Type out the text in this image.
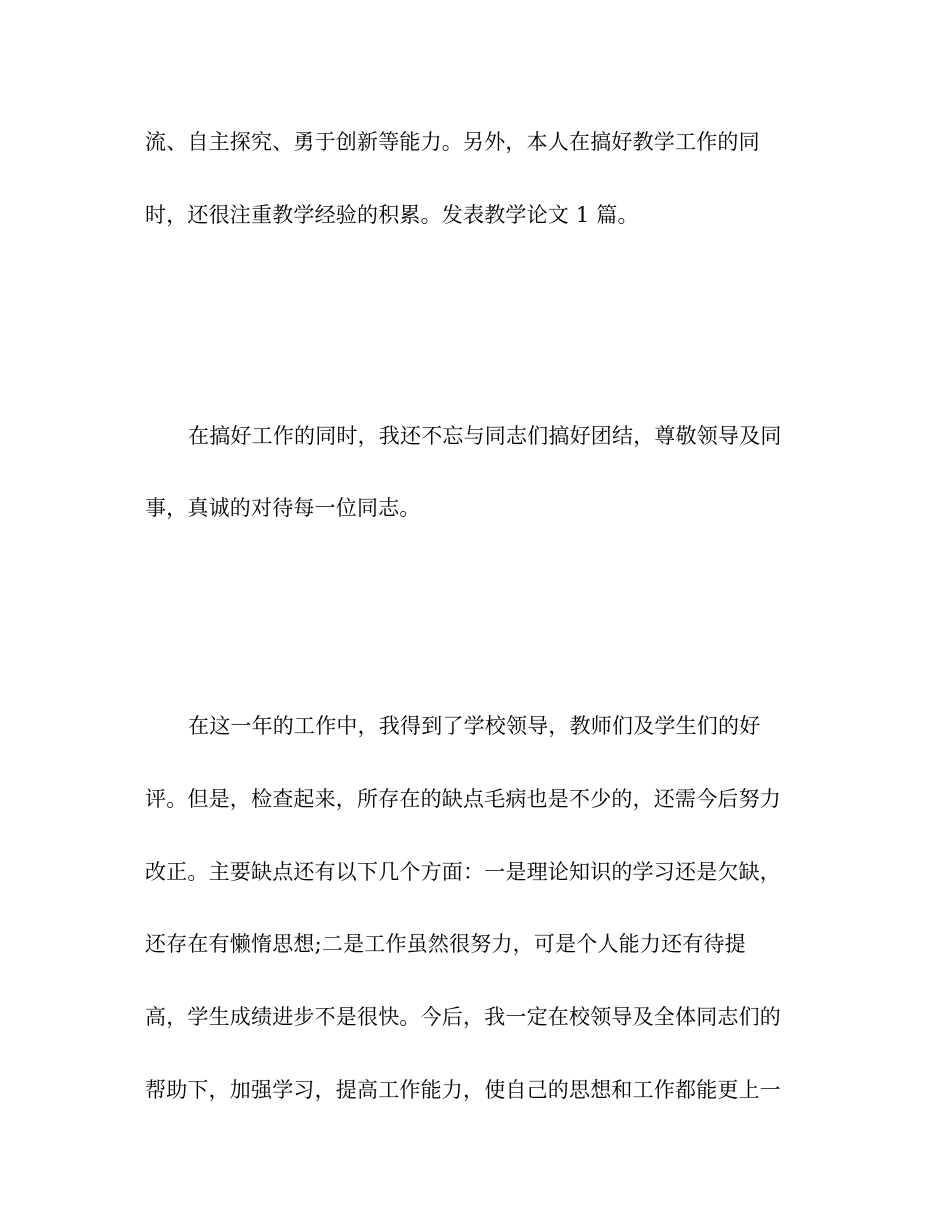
流、自主探究、勇于创新等能力。另外，本人在搞好教学工作的同
时，还很注重教学经验的积累。发表教学论文 1 篇。
在搞好工作的同时，我还不忘与同志们搞好团结，尊敬领导及同
事，真诚的对待每一位同志。
在这一年的工作中，我得到了学校领导，教师们及学生们的好
评。但是，检查起来，所存在的缺点毛病也是不少的，还需今后努力
改正。主要缺点还有以下几个方面：一是理论知识的学习还是欠缺，
还存在有懒惰思想;二是工作虽然很努力，可是个人能力还有待提
高，学生成绩进步不是很快。今后，我一定在校领导及全体同志们的
帮助下，加强学习，提高工作能力，使自己的思想和工作都能更上一
